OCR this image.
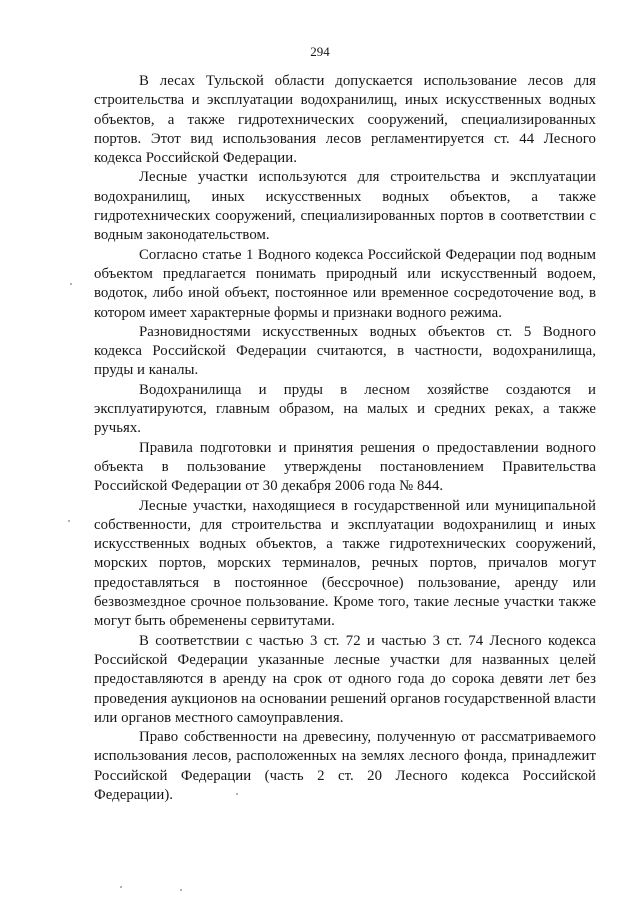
294

В лесах Тульской области допускается использование лесов для строительства и эксплуатации водохранилищ, иных искусственных водных объектов, а также гидротехнических сооружений, специализированных портов. Этот вид использования лесов регламентируется ст. 44 Лесного кодекса Российской Федерации.

Лесные участки используются для строительства и эксплуатации водохранилищ, иных искусственных водных объектов, а также гидротехнических сооружений, специализированных портов в соответствии с водным законодательством.

Согласно статье 1 Водного кодекса Российской Федерации под водным объектом предлагается понимать природный или искусственный водоем, водоток, либо иной объект, постоянное или временное сосредоточение вод, в котором имеет характерные формы и признаки водного режима.

Разновидностями искусственных водных объектов ст. 5 Водного кодекса Российской Федерации считаются, в частности, водохранилища, пруды и каналы.

Водохранилища и пруды в лесном хозяйстве создаются и эксплуатируются, главным образом, на малых и средних реках, а также ручьях.

Правила подготовки и принятия решения о предоставлении водного объекта в пользование утверждены постановлением Правительства Российской Федерации от 30 декабря 2006 года № 844.

Лесные участки, находящиеся в государственной или муниципальной собственности, для строительства и эксплуатации водохранилищ и иных искусственных водных объектов, а также гидротехнических сооружений, морских портов, морских терминалов, речных портов, причалов могут предоставляться в постоянное (бессрочное) пользование, аренду или безвозмездное срочное пользование. Кроме того, такие лесные участки также могут быть обременены сервитутами.

В соответствии с частью 3 ст. 72 и частью 3 ст. 74 Лесного кодекса Российской Федерации указанные лесные участки для названных целей предоставляются в аренду на срок от одного года до сорока девяти лет без проведения аукционов на основании решений органов государственной власти или органов местного самоуправления.

Право собственности на древесину, полученную от рассматриваемого использования лесов, расположенных на землях лесного фонда, принадлежит Российской Федерации (часть 2 ст. 20 Лесного кодекса Российской Федерации).
